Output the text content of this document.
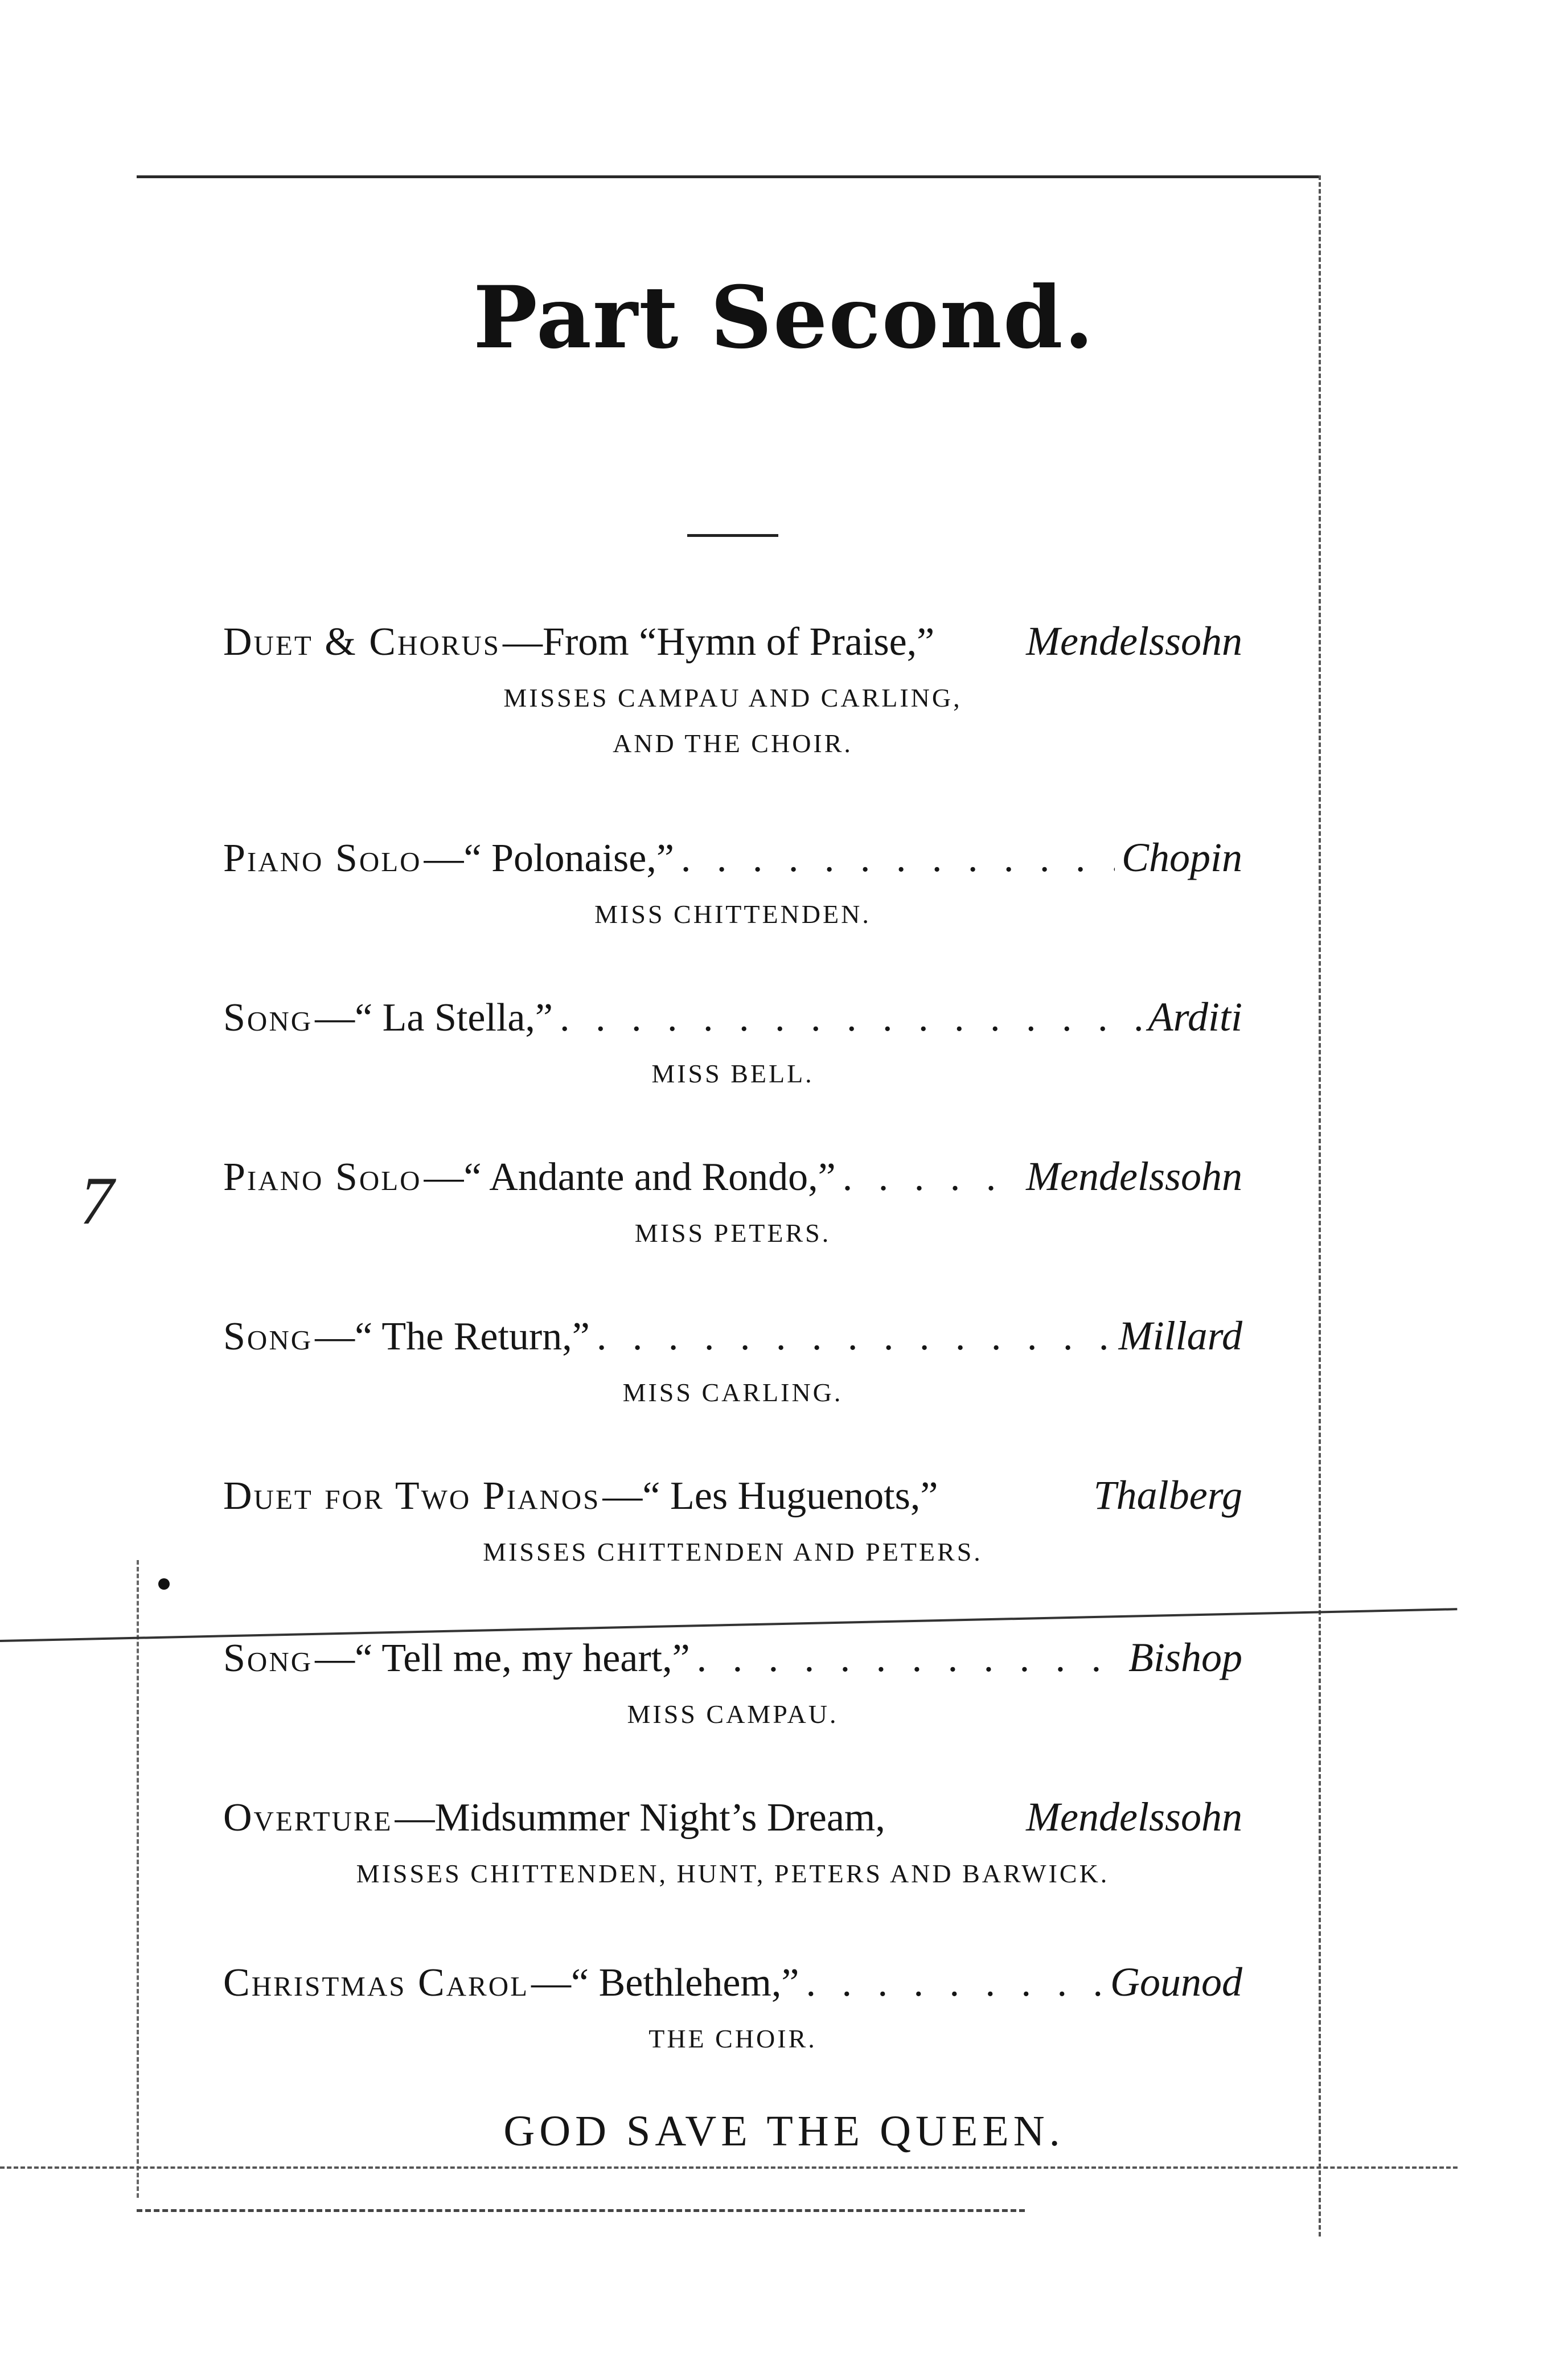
Part Second.
7
Duet & Chorus —From “Hymn of Praise,” Mendelssohn
MISSES CAMPAU AND CARLING,
AND THE CHOIR.
Piano Solo —“ Polonaise,” . . .	Chopin
MISS CHITTENDEN.
Song —“ La Stella,” . . .	Arditi
MISS BELL.
Piano Solo —“ Andante and Rondo,” . . .	Mendelssohn
MISS PETERS.
Song —“ The Return,” . . .	Millard
MISS CARLING.
Duet for Two Pianos —“ Les Huguenots,”	Thalberg
MISSES CHITTENDEN AND PETERS.
Song —“ Tell me, my heart,” . . .	Bishop
MISS CAMPAU.
Overture —Midsummer Night’s Dream,	Mendelssohn
MISSES CHITTENDEN, HUNT, PETERS AND BARWICK.
Christmas Carol —“ Bethlehem,” . . .	Gounod
THE CHOIR.
GOD SAVE THE QUEEN.
